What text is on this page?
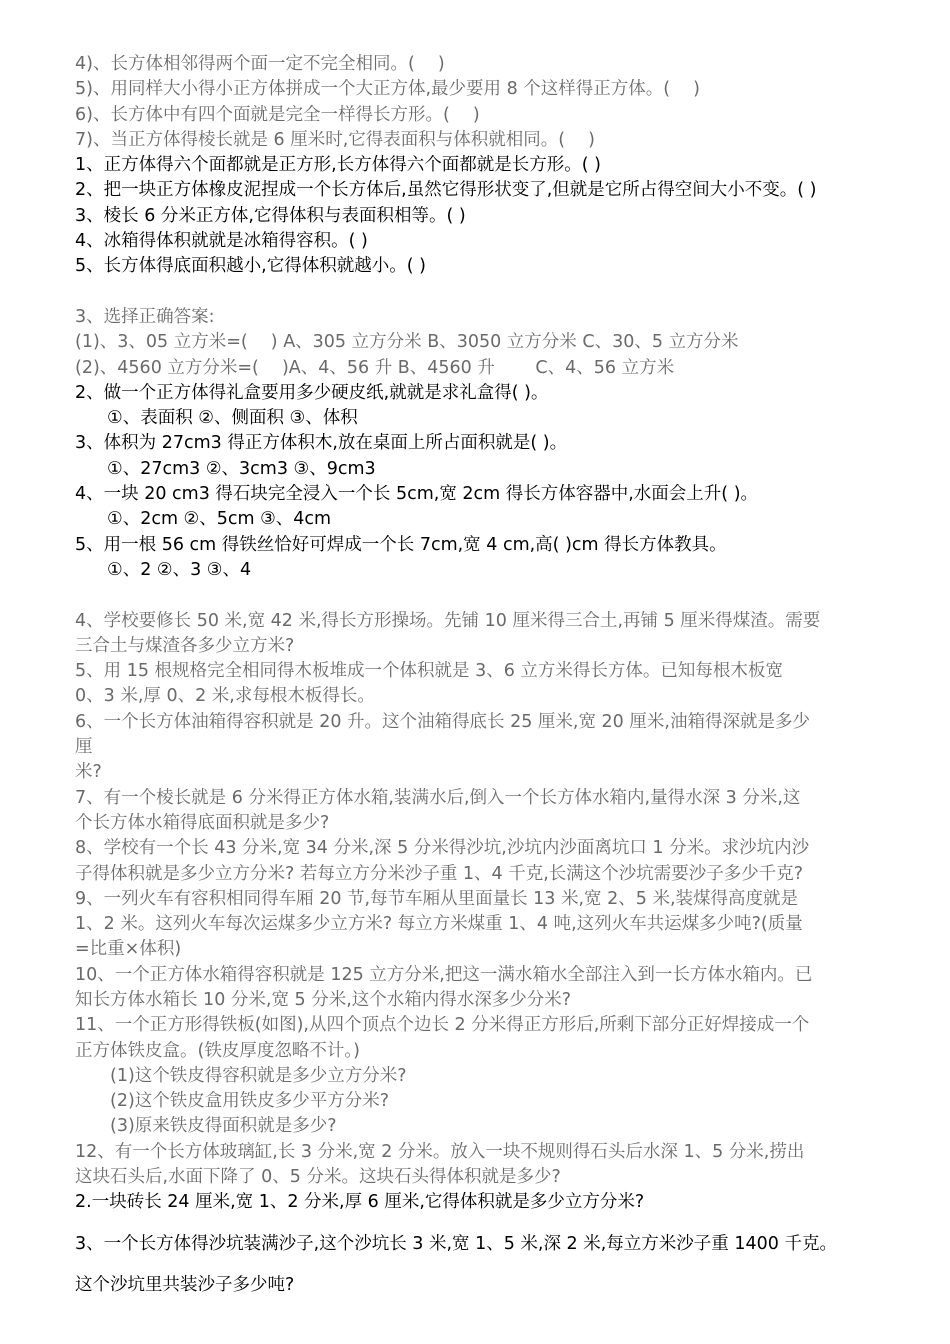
4)、长方体相邻得两个面一定不完全相同。(　 )

5)、用同样大小得小正方体拼成一个大正方体,最少要用 8 个这样得正方体。(　 )

6)、长方体中有四个面就是完全一样得长方形。(　 )

7)、当正方体得棱长就是 6 厘米时,它得表面积与体积就相同。(　 )

1、正方体得六个面都就是正方形,长方体得六个面都就是长方形。( )

2、把一块正方体橡皮泥捏成一个长方体后,虽然它得形状变了,但就是它所占得空间大小不变。( )

3、棱长 6 分米正方体,它得体积与表面积相等。( )

4、冰箱得体积就就是冰箱得容积。( )

5、长方体得底面积越小,它得体积就越小。( )

3、选择正确答案:

(1)、3、05 立方米=(　 ) A、305 立方分米 B、3050 立方分米 C、30、5 立方分米

(2)、4560 立方分米=(　 )A、4、56 升 B、4560 升　　 C、4、56 立方米

2、做一个正方体得礼盒要用多少硬皮纸,就就是求礼盒得( )。

①、表面积 ②、侧面积 ③、体积

3、体积为 27cm3 得正方体积木,放在桌面上所占面积就是( )。

①、27cm3 ②、3cm3 ③、9cm3

4、一块 20 cm3 得石块完全浸入一个长 5cm,宽 2cm 得长方体容器中,水面会上升( )。

①、2cm ②、5cm ③、4cm

5、用一根 56 cm 得铁丝恰好可焊成一个长 7cm,宽 4 cm,高( )cm 得长方体教具。

①、2 ②、3 ③、4

4、学校要修长 50 米,宽 42 米,得长方形操场。先铺 10 厘米得三合土,再铺 5 厘米得煤渣。需要

三合土与煤渣各多少立方米?

5、用 15 根规格完全相同得木板堆成一个体积就是 3、6 立方米得长方体。已知每根木板宽

0、3 米,厚 0、2 米,求每根木板得长。

6、一个长方体油箱得容积就是 20 升。这个油箱得底长 25 厘米,宽 20 厘米,油箱得深就是多少

厘

米?

7、有一个棱长就是 6 分米得正方体水箱,装满水后,倒入一个长方体水箱内,量得水深 3 分米,这

个长方体水箱得底面积就是多少?

8、学校有一个长 43 分米,宽 34 分米,深 5 分米得沙坑,沙坑内沙面离坑口 1 分米。求沙坑内沙

子得体积就是多少立方分米? 若每立方分米沙子重 1、4 千克,长满这个沙坑需要沙子多少千克?

9、一列火车有容积相同得车厢 20 节,每节车厢从里面量长 13 米,宽 2、5 米,装煤得高度就是

1、2 米。这列火车每次运煤多少立方米? 每立方米煤重 1、4 吨,这列火车共运煤多少吨?(质量

=比重×体积)

10、一个正方体水箱得容积就是 125 立方分米,把这一满水箱水全部注入到一长方体水箱内。已

知长方体水箱长 10 分米,宽 5 分米,这个水箱内得水深多少分米?

11、一个正方形得铁板(如图),从四个顶点个边长 2 分米得正方形后,所剩下部分正好焊接成一个

正方体铁皮盒。(铁皮厚度忽略不计。)

(1)这个铁皮得容积就是多少立方分米?

(2)这个铁皮盒用铁皮多少平方分米?

(3)原来铁皮得面积就是多少?

12、有一个长方体玻璃缸,长 3 分米,宽 2 分米。放入一块不规则得石头后水深 1、5 分米,捞出

这块石头后,水面下降了 0、5 分米。这块石头得体积就是多少?

2.一块砖长 24 厘米,宽 1、2 分米,厚 6 厘米,它得体积就是多少立方分米?

3、一个长方体得沙坑装满沙子,这个沙坑长 3 米,宽 1、5 米,深 2 米,每立方米沙子重 1400 千克。

这个沙坑里共装沙子多少吨?
